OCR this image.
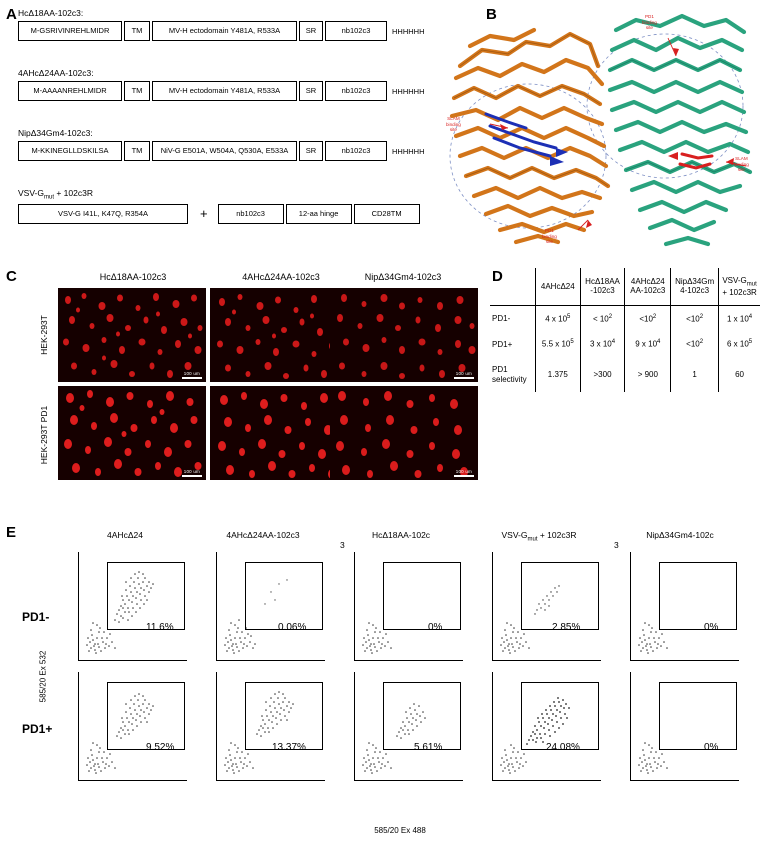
A HcΔ18AA-102c3:
M-GSRIVINREHLMIDR	TM	MV-H ectodomain Y481A, R533A	SR	nb102c3	HHHHHH
4AHcΔ24AA-102c3:
M-AAAANREHLMIDR	TM	MV-H ectodomain Y481A, R533A	SR	nb102c3	HHHHHH
NipΔ34Gm4-102c3:
M-KKINEGLLDSKILSA	TM	NiV-G E501A, W504A, Q530A, E533A	SR	nb102c3	HHHHHH
VSV-$G_{mut} + 102c3R$
VSV-G I41L, K47Q, R354A	+	nb102c3	12-aa hinge	CD28TM
B	PD1
binding
site
SLAM
binding
site
SLAM
binding
site
PD1
binding
site
C	HcΔ18AA-102c3	4AHcΔ24AA-102c3	NipΔ34Gm4-102c3
HEK-293T
HEK-293T PD1
100 um	100 um
100 um	100 um
D

4AHcΔ24	HcΔ18AA
-102c3

4AHcΔ24
AA-102c3

NipΔ34Gm
4-102c3

VSV-$G_{mut}$
+ 102c3R

PD1-	4 x $10^5$	< $10^2$	$<10^2$	$<10^2$	1 x $10^4$
PD1+	5.5 x $10^5$	3 x $10^4$	9 x $10^4$	$<10^2$	6 x $10^5$
PD1 selectivity	1.375	>300	> 900	1	60
E	4AHcΔ24	4AHcΔ24AA-102c3	HcΔ18AA-102c
3
VSV-$G_{mut} + 102c3R$	NipΔ34Gm4-102c
3
PD1-
PD1+
585/20 Ex 532
585/20 Ex 488
11.6%	0.06%	0%	2.85%	0%
9.52%	13.37%	5.61%	24.08%	0%
